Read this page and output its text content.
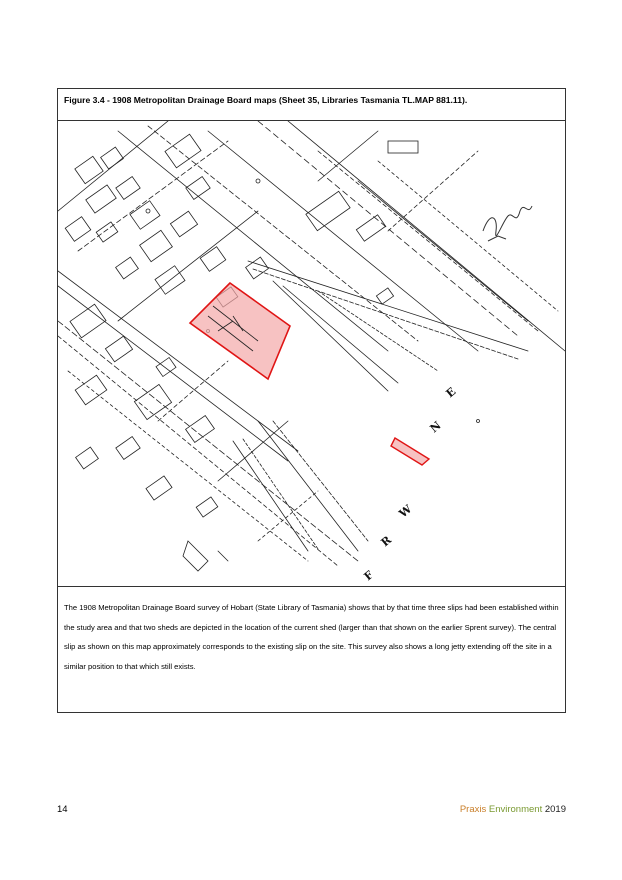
Figure 3.4 - 1908 Metropolitan Drainage Board maps (Sheet 35, Libraries Tasmania TL.MAP 881.11).
R
W
F
N
E
The 1908 Metropolitan Drainage Board survey of Hobart (State Library of Tasmania) shows that by that time three slips had been established within the study area and that two sheds are depicted in the location of the current shed (larger than that shown on the earlier Sprent survey). The central slip as shown on this map approximately corresponds to the existing slip on the site. This survey also shows a long jetty extending off the site in a similar position to that which still exists.
14	Praxis Environment 2019
